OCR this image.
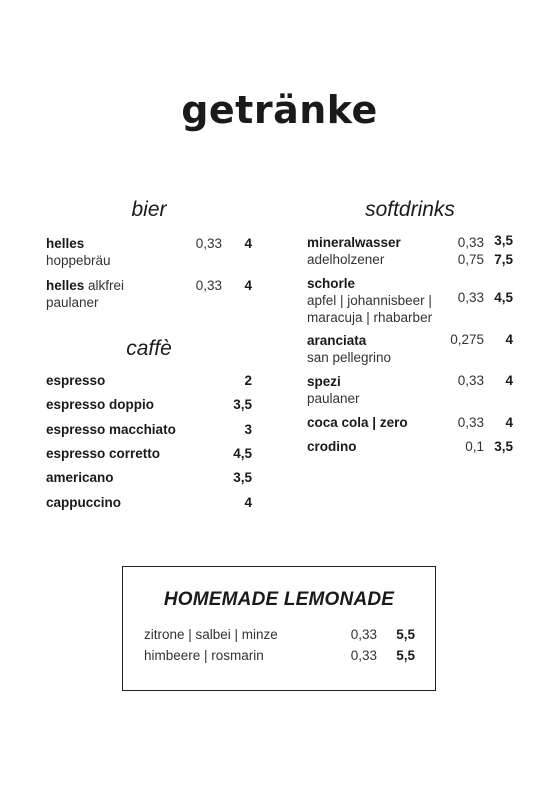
getränke
bier
helles
hoppebräu
0,33	4
helles alkfrei
paulaner
0,33	4
caffè
espresso	2
espresso doppio	3,5
espresso macchiato	3
espresso corretto	4,5
americano	3,5
cappuccino	4
softdrinks
mineralwasser
adelholzener
0,33 3,5
0,75 7,5
schorle
apfel | johannisbeer |
maracuja | rhabarber
0,33 4,5
aranciata
san pellegrino
0,275	4
spezi
paulaner
0,33	4
coca cola | zero	0,33	4
crodino	0,1 3,5
HOMEMADE LEMONADE
zitrone | salbei | minze	0,33 5,5
himbeere | rosmarin	0,33 5,5
